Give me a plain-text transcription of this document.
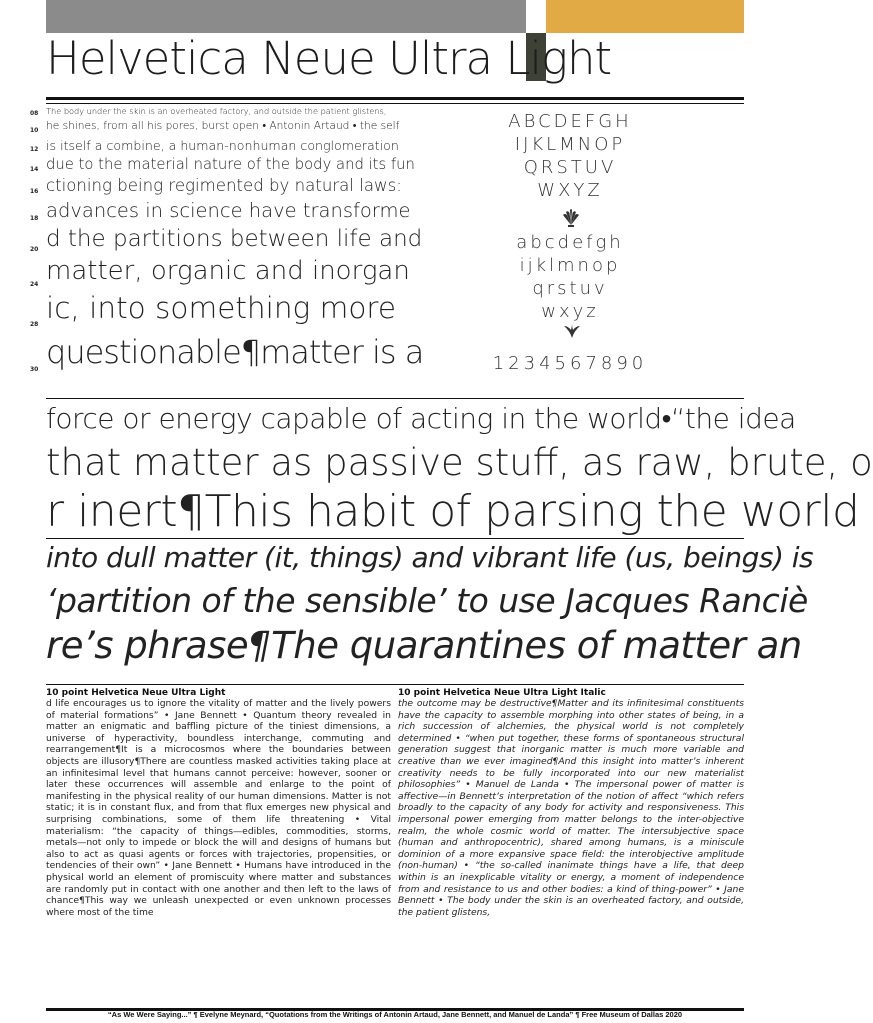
Helvetica Neue Ultra Light
08
10
12
14
16
18
20
24
28
30
The body under the skin is an overheated factory, and outside the patient glistens,
he shines, from all his pores, burst open • Antonin Artaud • the self
is itself a combine, a human-nonhuman conglomeration
due to the material nature of the body and its fun
ctioning being regimented by natural laws:
advances in science have transforme
d the partitions between life and
matter, organic and inorgan
ic, into something more
questionable¶matter is a
ABCDEFGH
IJKLMNOP
QRSTUV
WXYZ
abcdefgh
ijklmnop
qrstuv
wxyz
1234567890
force or energy capable of acting in the world•“the idea
that matter as passive stuff, as raw, brute, o
r inert¶This habit of parsing the world
into dull matter (it, things) and vibrant life (us, beings) is
‘partition of the sensible’ to use Jacques Ranciè
re’s phrase¶The quarantines of matter an
10 point Helvetica Neue Ultra Light
d life encourages us to ignore the vitality of matter and the lively powers of material formations” • Jane Bennett • Quantum theory revealed in matter an enigmatic and baffling picture of the tiniest dimensions, a universe of hyperactivity, boundless interchange, commuting and rearrangement¶It is a microcosmos where the boundaries between objects are illusory¶There are countless masked activities taking place at an infinitesimal level that humans cannot perceive: however, sooner or later these occurrences will assemble and enlarge to the point of manifesting in the physical reality of our human dimensions. Matter is not static; it is in constant flux, and from that flux emerges new physical and surprising combinations, some of them life threatening • Vital materialism: “the capacity of things—edibles, commodities, storms, metals—not only to impede or block the will and designs of humans but also to act as quasi agents or forces with trajectories, propensities, or tendencies of their own” • Jane Bennett • Humans have introduced in the physical world an element of promiscuity where matter and substances are randomly put in contact with one another and then left to the laws of chance¶This way we unleash unexpected or even unknown processes where most of the time
10 point Helvetica Neue Ultra Light Italic
the outcome may be destructive¶Matter and its infinitesimal constituents have the capacity to assemble morphing into other states of being, in a rich succession of alchemies, the physical world is not completely determined • “when put together, these forms of spontaneous structural generation suggest that inorganic matter is much more variable and creative than we ever imagined¶And this insight into matter’s inherent creativity needs to be fully incorporated into our new materialist philosophies” • Manuel de Landa • The impersonal power of matter is affective—in Bennett’s interpretation of the notion of affect “which refers broadly to the capacity of any body for activity and responsiveness. This impersonal power emerging from matter belongs to the inter-objective realm, the whole cosmic world of matter. The intersubjective space (human and anthropocentric), shared among humans, is a miniscule dominion of a more expansive space field: the interobjective amplitude (non-human) • “the so-called inanimate things have a life, that deep within is an inexplicable vitality or energy, a moment of independence from and resistance to us and other bodies: a kind of thing-power” • Jane Bennett • The body under the skin is an overheated factory, and outside, the patient glistens,
“As We Were Saying...” ¶ Evelyne Meynard, “Quotations from the Writings of Antonin Artaud, Jane Bennett, and Manuel de Landa” ¶ Free Museum of Dallas 2020
